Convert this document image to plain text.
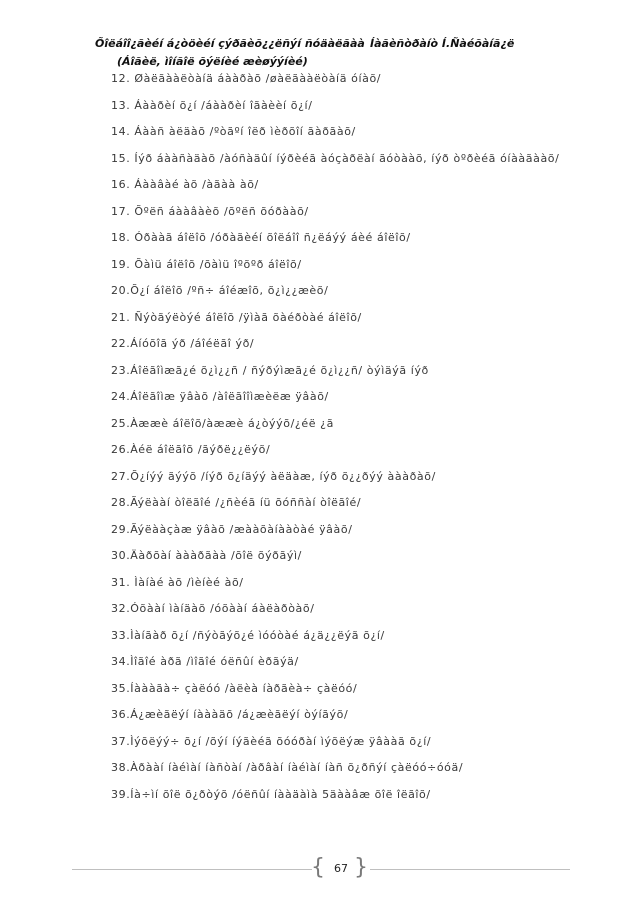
Õîëáîî¿ãèéí á¿òöèéí çýðãèõ¿¿ëñýí ñóäàëãàà
(Áîãèë, ìîíãîë õýëíèé æèøýýíèé)
Íàãèñòðàíò Í.Ñàéõàíã¿ë
12. Øàëãààëòàíä áààðàõ /øàëãààëòàíä óíàõ/
13. Áààðèí õ¿í /áààðèí îãàèèí õ¿í/
14. Áààñ àëäàõ /ºòãºí îëð ìèðõîí ãàðãàõ/
15. Íýð áààñàäàõ /àóñàäûí íýðèéã àóçàðëàí ãóòààõ, íýð òºðèéã óíààãààõ/
16. Áààâàé àõ /àãàà àõ/
17. Õºëñ áààâàèõ /õºëñ õóðààõ/
18. Óðààã áîëîõ /óðàãèéí õîëáîî ñ¿ëáýý áèé áîëîõ/
19. Õàìü áîëîõ /õàìü îºõºð áîëîõ/
20.Õ¿í áîëîõ /ºñ÷ áîéæîõ, õ¿ì¿¿æèõ/
21. Ñýòãýëòýé áîëîõ /ÿìàã õàéðòàé áîëîõ/
22.Áíóõîã ýð /áîéëãî ýð/
23.Áîëãîìæã¿é õ¿ì¿¿ñ / ñýðýìæã¿é õ¿ì¿¿ñ/ òýìäýã íýð
24.Áîëãîìæ ÿâàõ /àîëãîîìæèëæ ÿâàõ/
25.Àææè áîëîõ/àææè á¿òýýõ/¿éë ¿ã
26.Àéë áîëãîõ /ãýðë¿¿ëýõ/
27.Õ¿íýý ãýýõ /íýð õ¿íäýý àëäàæ, íýð õ¿¿ðýý àààðàõ/
28.Ãýëààí òîëãîé /¿ñèéã íü õóññàí òîëãîé/
29.Ãýëààçàæ ÿâàõ /æààõàíààòàé ÿâàõ/
30.Äàðõàí àààðãàà /õîë õýðãýì/
31. Ìàíàé àõ /ìèíèé àõ/
32.Óõààí ìàíäàõ /óõààí áàëàðòàõ/
33.Ìàíãàð õ¿í /ñýòãýõ¿é ìóóòàé á¿ä¿¿ëýã õ¿í/
34.Ìîãîé àðã /ìîãîé óëñûí èðãýä/
35.Íàààãà÷ çàëóó /àëèà íàðãèà÷ çàëóó/
36.Á¿æèãëýí íàààäõ /á¿æèãëýí òýíãýõ/
37.Ìýõëýý÷ õ¿í /õýí íýãèéã õóóðàí ìýõëýæ ÿâààã õ¿í/
38.Àðààí íàéìàí íàñòàí /àðâàí íàéìàí íàñ õ¿ðñýí çàëóó÷óóä/
39.Íà÷ìí õîë õ¿ðòýõ /óëñûí íààäàìà 5äààâæ õîë îëãîõ/
{ 67 }
